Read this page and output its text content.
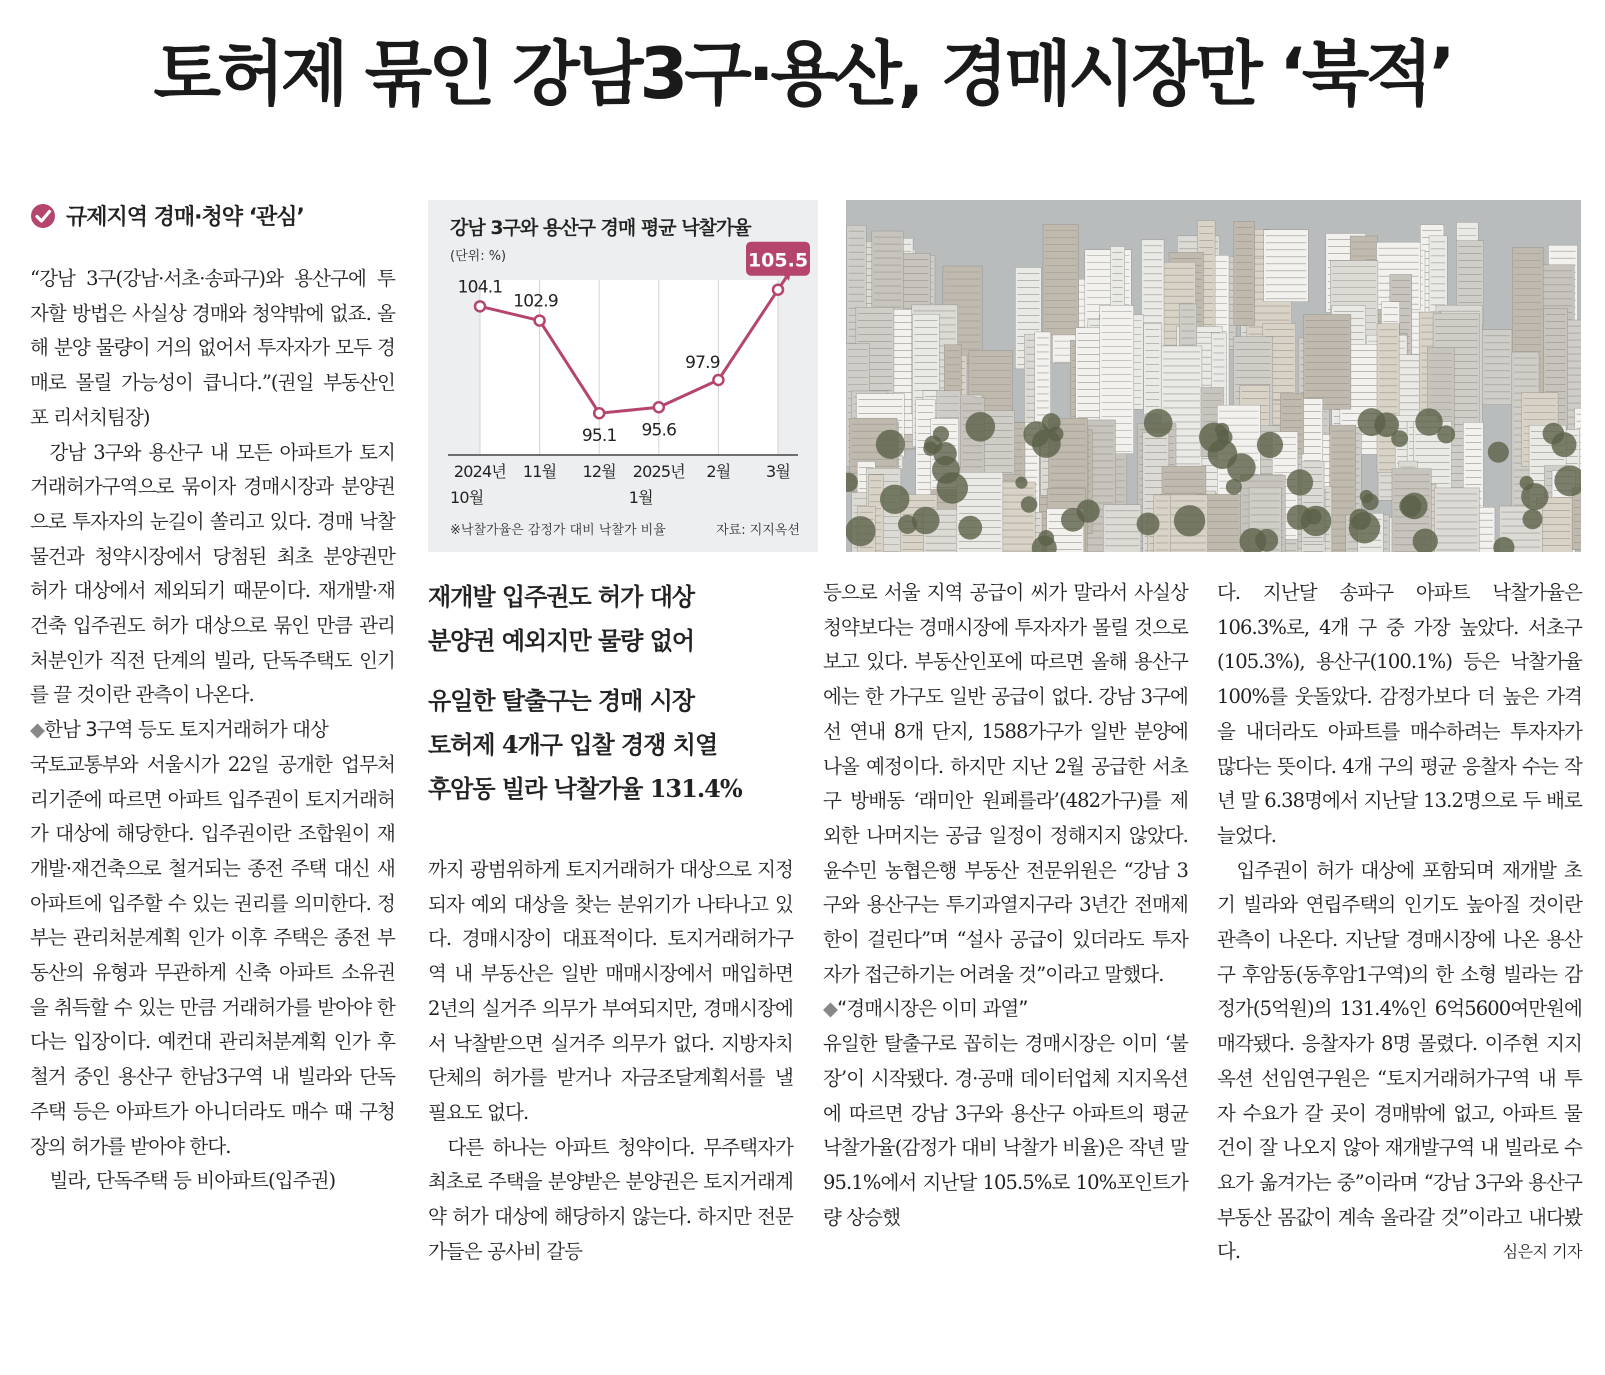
토허제 묶인 강남3구·용산, 경매시장만 ‘북적’
규제지역 경매·청약 ‘관심’

“강남 3구(강남·서초·송파구)와 용산구에 투자할 방법은 사실상 경매와 청약밖에 없죠. 올해 분양 물량이 거의 없어서 투자자가 모두 경매로 몰릴 가능성이 큽니다.”(권일 부동산인포 리서치팀장)

강남 3구와 용산구 내 모든 아파트가 토지거래허가구역으로 묶이자 경매시장과 분양권으로 투자자의 눈길이 쏠리고 있다. 경매 낙찰 물건과 청약시장에서 당첨된 최초 분양권만 허가 대상에서 제외되기 때문이다. 재개발·재건축 입주권도 허가 대상으로 묶인 만큼 관리처분인가 직전 단계의 빌라, 단독주택도 인기를 끌 것이란 관측이 나온다.

◆한남 3구역 등도 토지거래허가 대상

국토교통부와 서울시가 22일 공개한 업무처리기준에 따르면 아파트 입주권이 토지거래허가 대상에 해당한다. 입주권이란 조합원이 재개발·재건축으로 철거되는 종전 주택 대신 새 아파트에 입주할 수 있는 권리를 의미한다. 정부는 관리처분계획 인가 이후 주택은 종전 부동산의 유형과 무관하게 신축 아파트 소유권을 취득할 수 있는 만큼 거래허가를 받아야 한다는 입장이다. 예컨대 관리처분계획 인가 후 철거 중인 용산구 한남3구역 내 빌라와 단독주택 등은 아파트가 아니더라도 매수 때 구청장의 허가를 받아야 한다.

빌라, 단독주택 등 비아파트(입주권)

강남 3구와 용산구 경매 평균 낙찰가율
(단위: %)
104.1
102.9
95.1 95.6
97.9
105.5
2024년
10월
11월 12월 2025년
1월
2월 3월
※낙찰가율은 감정가 대비 낙찰가 비율	자료: 지지옥션
재개발 입주권도 허가 대상
분양권 예외지만 물량 없어
유일한 탈출구는 경매 시장
토허제 4개구 입찰 경쟁 치열
후암동 빌라 낙찰가율 131.4%

까지 광범위하게 토지거래허가 대상으로 지정되자 예외 대상을 찾는 분위기가 나타나고 있다. 경매시장이 대표적이다. 토지거래허가구역 내 부동산은 일반 매매시장에서 매입하면 2년의 실거주 의무가 부여되지만, 경매시장에서 낙찰받으면 실거주 의무가 없다. 지방자치단체의 허가를 받거나 자금조달계획서를 낼 필요도 없다.

다른 하나는 아파트 청약이다. 무주택자가 최초로 주택을 분양받은 분양권은 토지거래계약 허가 대상에 해당하지 않는다. 하지만 전문가들은 공사비 갈등

등으로 서울 지역 공급이 씨가 말라서 사실상 청약보다는 경매시장에 투자자가 몰릴 것으로 보고 있다. 부동산인포에 따르면 올해 용산구에는 한 가구도 일반 공급이 없다. 강남 3구에선 연내 8개 단지, 1588가구가 일반 분양에 나올 예정이다. 하지만 지난 2월 공급한 서초구 방배동 ‘래미안 원페를라’(482가구)를 제외한 나머지는 공급 일정이 정해지지 않았다. 윤수민 농협은행 부동산 전문위원은 “강남 3구와 용산구는 투기과열지구라 3년간 전매제한이 걸린다”며 “설사 공급이 있더라도 투자자가 접근하기는 어려울 것”이라고 말했다.

◆“경매시장은 이미 과열”

유일한 탈출구로 꼽히는 경매시장은 이미 ‘불장’이 시작됐다. 경·공매 데이터업체 지지옥션에 따르면 강남 3구와 용산구 아파트의 평균 낙찰가율(감정가 대비 낙찰가 비율)은 작년 말 95.1%에서 지난달 105.5%로 10%포인트가량 상승했

다. 지난달 송파구 아파트 낙찰가율은 106.3%로, 4개 구 중 가장 높았다. 서초구(105.3%), 용산구(100.1%) 등은 낙찰가율 100%를 웃돌았다. 감정가보다 더 높은 가격을 내더라도 아파트를 매수하려는 투자자가 많다는 뜻이다. 4개 구의 평균 응찰자 수는 작년 말 6.38명에서 지난달 13.2명으로 두 배로 늘었다.

입주권이 허가 대상에 포함되며 재개발 초기 빌라와 연립주택의 인기도 높아질 것이란 관측이 나온다. 지난달 경매시장에 나온 용산구 후암동(동후암1구역)의 한 소형 빌라는 감정가(5억원)의 131.4%인 6억5600여만원에 매각됐다. 응찰자가 8명 몰렸다. 이주현 지지옥션 선임연구원은 “토지거래허가구역 내 투자 수요가 갈 곳이 경매밖에 없고, 아파트 물건이 잘 나오지 않아 재개발구역 내 빌라로 수요가 옮겨가는 중”이라며 “강남 3구와 용산구 부동산 몸값이 계속 올라갈 것”이라고 내다봤다.	심은지 기자
